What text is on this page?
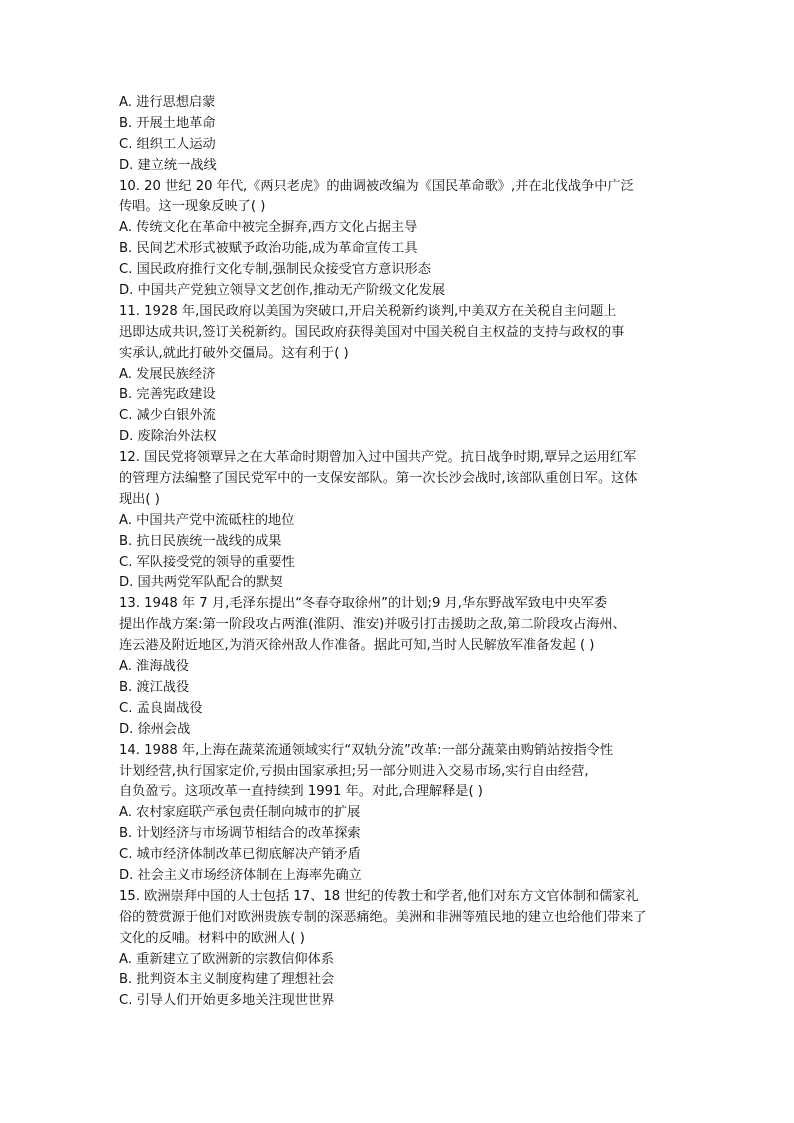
A. 进行思想启蒙
B. 开展土地革命
C. 组织工人运动
D. 建立统一战线
10. 20 世纪 20 年代,《两只老虎》的曲调被改编为《国民革命歌》,并在北伐战争中广泛
传唱。这一现象反映了( )
A. 传统文化在革命中被完全摒弃,西方文化占据主导
B. 民间艺术形式被赋予政治功能,成为革命宣传工具
C. 国民政府推行文化专制,强制民众接受官方意识形态
D. 中国共产党独立领导文艺创作,推动无产阶级文化发展
11. 1928 年,国民政府以美国为突破口,开启关税新约谈判,中美双方在关税自主问题上
迅即达成共识,签订关税新约。国民政府获得美国对中国关税自主权益的支持与政权的事
实承认,就此打破外交僵局。这有利于( )
A. 发展民族经济
B. 完善宪政建设
C. 减少白银外流
D. 废除治外法权
12. 国民党将领覃异之在大革命时期曾加入过中国共产党。抗日战争时期,覃异之运用红军
的管理方法编整了国民党军中的一支保安部队。第一次长沙会战时,该部队重创日军。这体
现出( )
A. 中国共产党中流砥柱的地位
B. 抗日民族统一战线的成果
C. 军队接受党的领导的重要性
D. 国共两党军队配合的默契
13. 1948 年 7 月,毛泽东提出“冬春夺取徐州”的计划;9 月,华东野战军致电中央军委
提出作战方案:第一阶段攻占两淮(淮阴、淮安)并吸引打击援助之敌,第二阶段攻占海州、
连云港及附近地区,为消灭徐州敌人作准备。据此可知,当时人民解放军准备发起 ( )
A. 淮海战役
B. 渡江战役
C. 孟良崮战役
D. 徐州会战
14. 1988 年,上海在蔬菜流通领域实行“双轨分流”改革:一部分蔬菜由购销站按指令性
计划经营,执行国家定价,亏损由国家承担;另一部分则进入交易市场,实行自由经营,
自负盈亏。这项改革一直持续到 1991 年。对此,合理解释是( )
A. 农村家庭联产承包责任制向城市的扩展
B. 计划经济与市场调节相结合的改革探索
C. 城市经济体制改革已彻底解决产销矛盾
D. 社会主义市场经济体制在上海率先确立
15. 欧洲崇拜中国的人士包括 17、18 世纪的传教士和学者,他们对东方文官体制和儒家礼
俗的赞赏源于他们对欧洲贵族专制的深恶痛绝。美洲和非洲等殖民地的建立也给他们带来了
文化的反哺。材料中的欧洲人( )
A. 重新建立了欧洲新的宗教信仰体系
B. 批判资本主义制度构建了理想社会
C. 引导人们开始更多地关注现世世界
